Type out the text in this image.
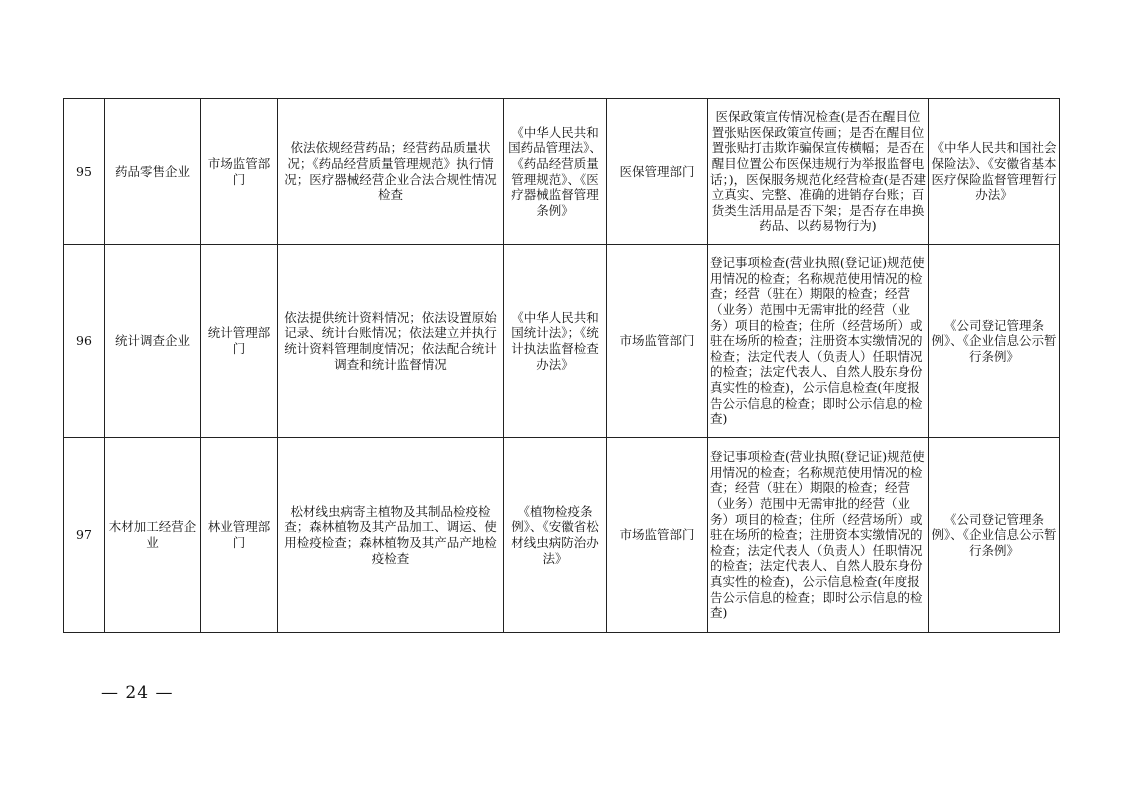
95	药品零售企业	市场监管部门	依法依规经营药品；经营药品质量状况；《药品经营质量管理规范》执行情况；医疗器械经营企业合法合规性情况检查	《中华人民共和国药品管理法》、《药品经营质量管理规范》、《医疗器械监督管理条例》	医保管理部门	医保政策宣传情况检查(是否在醒目位置张贴医保政策宣传画；是否在醒目位置张贴打击欺诈骗保宣传横幅；是否在醒目位置公布医保违规行为举报监督电话；)，医保服务规范化经营检查(是否建立真实、完整、准确的进销存台账；百货类生活用品是否下架；是否存在串换药品、以药易物行为)	《中华人民共和国社会保险法》、《安徽省基本医疗保险监督管理暂行办法》
96	统计调查企业	统计管理部门	依法提供统计资料情况；依法设置原始记录、统计台账情况；依法建立并执行统计资料管理制度情况；依法配合统计调查和统计监督情况	《中华人民共和国统计法》；《统计执法监督检查办法》	市场监管部门	登记事项检查(营业执照(登记证)规范使用情况的检查；名称规范使用情况的检查；经营（驻在）期限的检查；经营（业务）范围中无需审批的经营（业务）项目的检查；住所（经营场所）或驻在场所的检查；注册资本实缴情况的检查；法定代表人（负责人）任职情况的检查；法定代表人、自然人股东身份真实性的检查)，公示信息检查(年度报告公示信息的检查；即时公示信息的检查)	《公司登记管理条例》、《企业信息公示暂行条例》
97	木材加工经营企业	林业管理部门	松材线虫病寄主植物及其制品检疫检查；森林植物及其产品加工、调运、使用检疫检查；森林植物及其产品产地检疫检查	《植物检疫条例》、《安徽省松材线虫病防治办法》	市场监管部门	登记事项检查(营业执照(登记证)规范使用情况的检查；名称规范使用情况的检查；经营（驻在）期限的检查；经营（业务）范围中无需审批的经营（业务）项目的检查；住所（经营场所）或驻在场所的检查；注册资本实缴情况的检查；法定代表人（负责人）任职情况的检查；法定代表人、自然人股东身份真实性的检查)，公示信息检查(年度报告公示信息的检查；即时公示信息的检查)	《公司登记管理条例》、《企业信息公示暂行条例》
— 24 —
